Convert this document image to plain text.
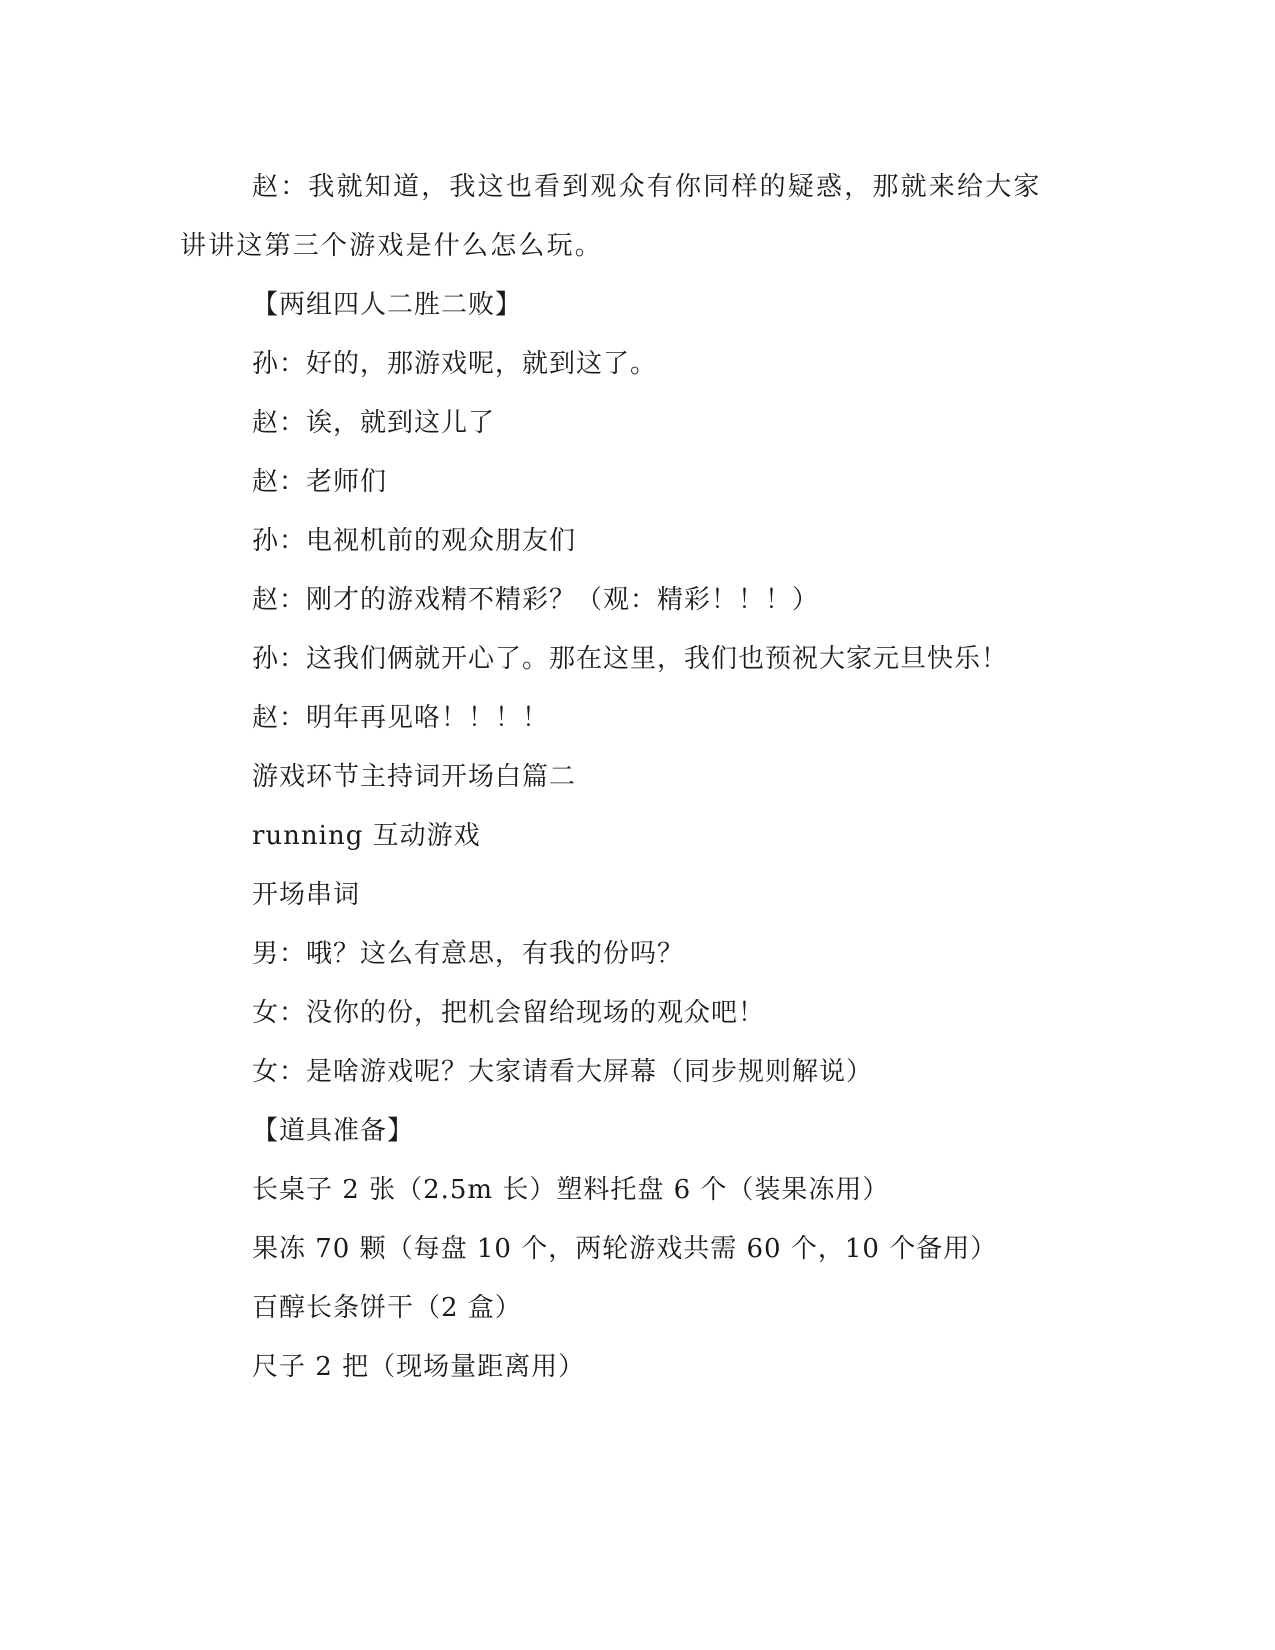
赵：我就知道，我这也看到观众有你同样的疑惑，那就来给大家讲讲这第三个游戏是什么怎么玩。

【两组四人二胜二败】

孙：好的，那游戏呢，就到这了。

赵：诶，就到这儿了

赵：老师们

孙：电视机前的观众朋友们

赵：刚才的游戏精不精彩？（观：精彩！！！）

孙：这我们俩就开心了。那在这里，我们也预祝大家元旦快乐！

赵：明年再见咯！！！！

游戏环节主持词开场白篇二

running 互动游戏

开场串词

男：哦？这么有意思，有我的份吗？

女：没你的份，把机会留给现场的观众吧！

女：是啥游戏呢？大家请看大屏幕（同步规则解说）

【道具准备】

长桌子 2 张（2.5m 长）塑料托盘 6 个（装果冻用）

果冻 70 颗（每盘 10 个，两轮游戏共需 60 个，10 个备用）

百醇长条饼干（2 盒）

尺子 2 把（现场量距离用）
